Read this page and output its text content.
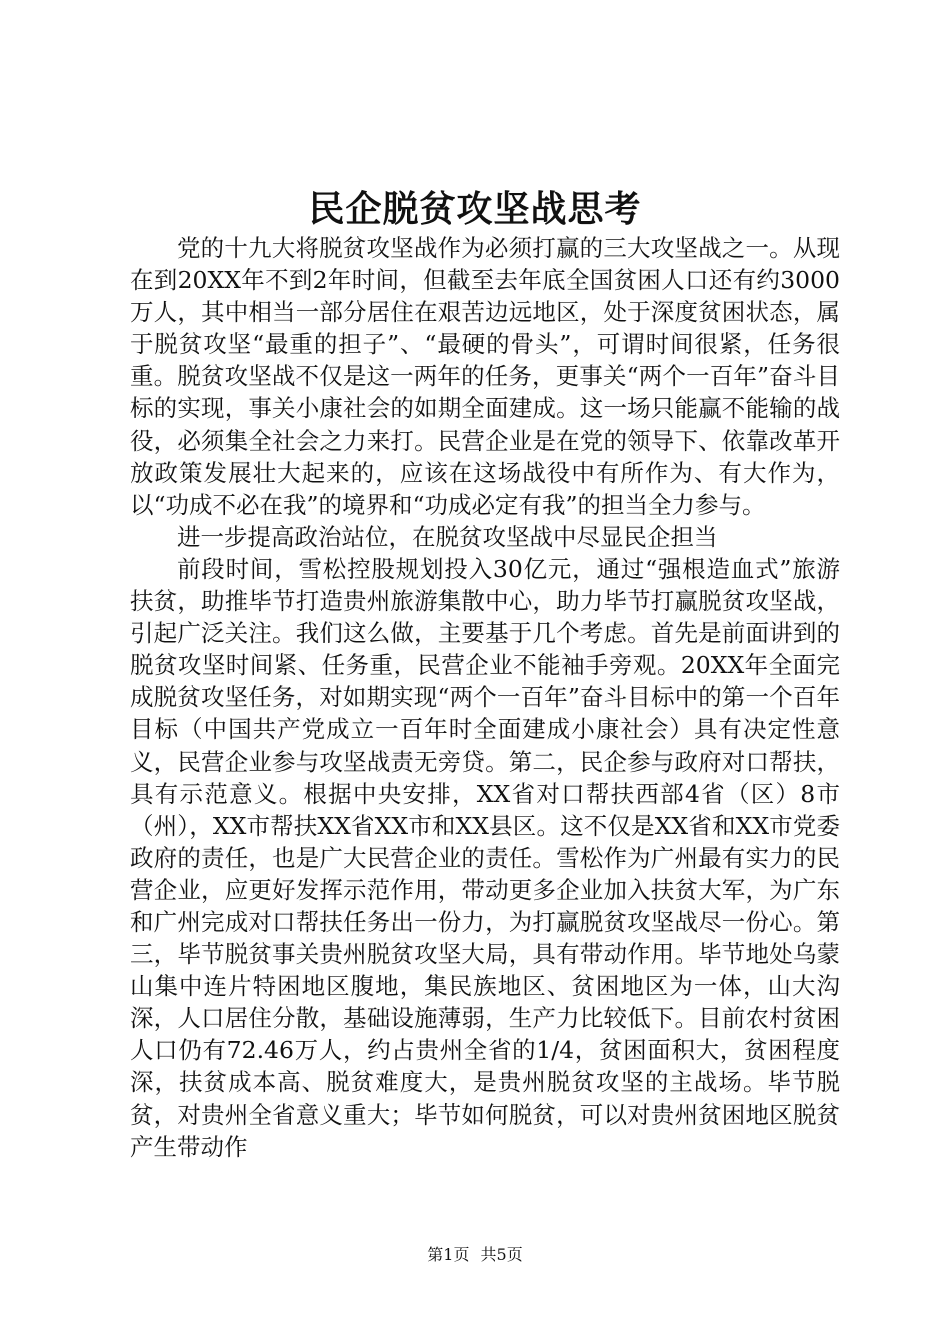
民企脱贫攻坚战思考

党的十九大将脱贫攻坚战作为必须打赢的三大攻坚战之一。从现在到20XX年不到2年时间，但截至去年底全国贫困人口还有约3000万人，其中相当一部分居住在艰苦边远地区，处于深度贫困状态，属于脱贫攻坚“最重的担子”、“最硬的骨头”，可谓时间很紧，任务很重。脱贫攻坚战不仅是这一两年的任务，更事关“两个一百年”奋斗目标的实现，事关小康社会的如期全面建成。这一场只能赢不能输的战役，必须集全社会之力来打。民营企业是在党的领导下、依靠改革开放政策发展壮大起来的，应该在这场战役中有所作为、有大作为，以“功成不必在我”的境界和“功成必定有我”的担当全力参与。

进一步提高政治站位，在脱贫攻坚战中尽显民企担当

前段时间，雪松控股规划投入30亿元，通过“强根造血式”旅游扶贫，助推毕节打造贵州旅游集散中心，助力毕节打赢脱贫攻坚战，引起广泛关注。我们这么做，主要基于几个考虑。首先是前面讲到的脱贫攻坚时间紧、任务重，民营企业不能袖手旁观。20XX年全面完成脱贫攻坚任务，对如期实现“两个一百年”奋斗目标中的第一个百年目标（中国共产党成立一百年时全面建成小康社会）具有决定性意义，民营企业参与攻坚战责无旁贷。第二，民企参与政府对口帮扶，具有示范意义。根据中央安排，XX省对口帮扶西部4省（区）8市（州），XX市帮扶XX省XX市和XX县区。这不仅是XX省和XX市党委政府的责任，也是广大民营企业的责任。雪松作为广州最有实力的民营企业，应更好发挥示范作用，带动更多企业加入扶贫大军，为广东和广州完成对口帮扶任务出一份力，为打赢脱贫攻坚战尽一份心。第三，毕节脱贫事关贵州脱贫攻坚大局，具有带动作用。毕节地处乌蒙山集中连片特困地区腹地，集民族地区、贫困地区为一体，山大沟深，人口居住分散，基础设施薄弱，生产力比较低下。目前农村贫困人口仍有72.46万人，约占贵州全省的1/4，贫困面积大，贫困程度深，扶贫成本高、脱贫难度大，是贵州脱贫攻坚的主战场。毕节脱贫，对贵州全省意义重大；毕节如何脱贫，可以对贵州贫困地区脱贫产生带动作

第1页 共5页
